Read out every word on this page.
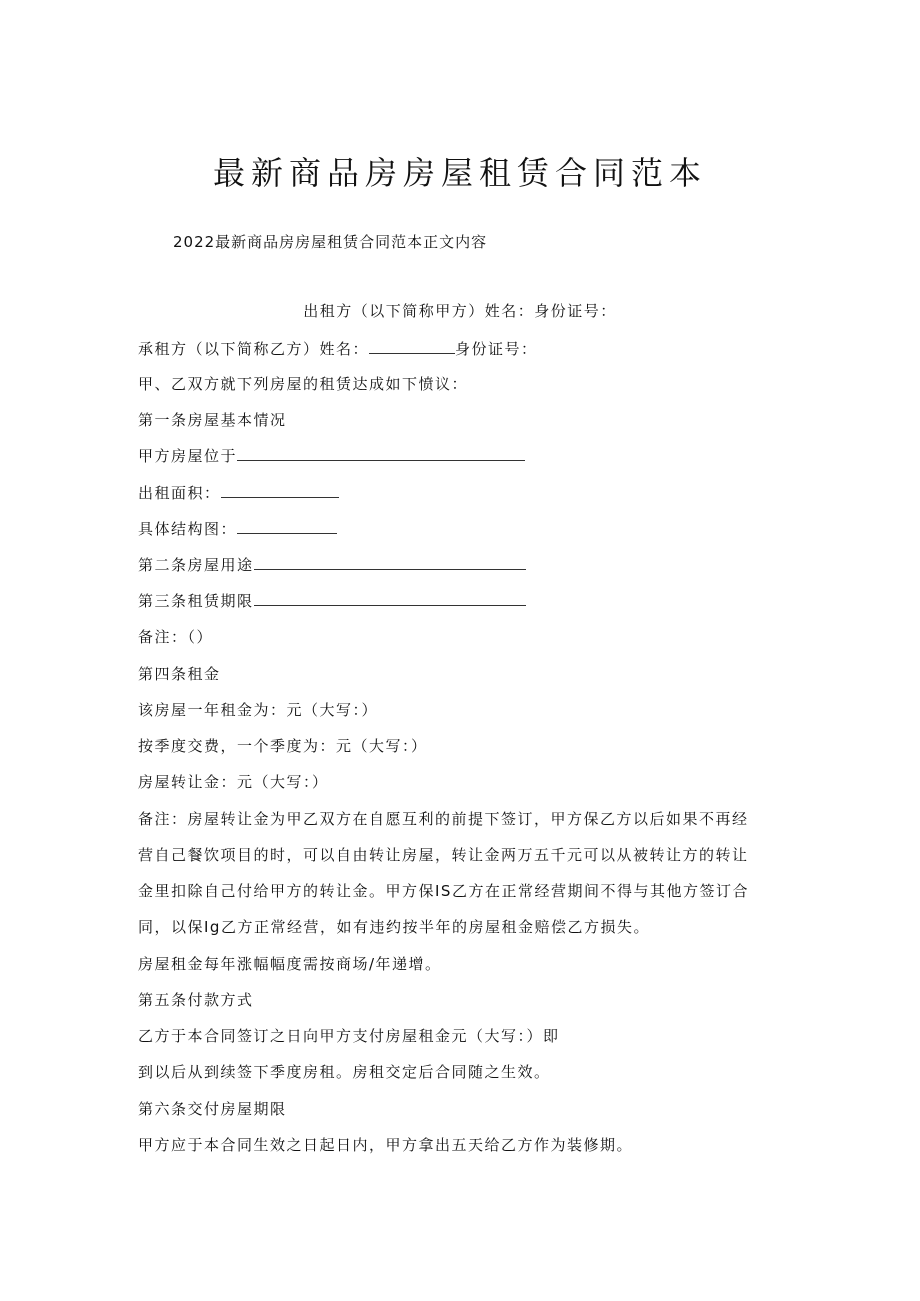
最新商品房房屋租赁合同范本
2022最新商品房房屋租赁合同范本正文内容
出租方（以下简称甲方）姓名：身份证号：
承租方（以下简称乙方）姓名：	身份证号：
甲、乙双方就下列房屋的租赁达成如下愤议：
第一条房屋基本情况
甲方房屋位于
出租面积：
具体结构图：
第二条房屋用途
第三条租赁期限
备注：（）
第四条租金
该房屋一年租金为：元（大写：）
按季度交费，一个季度为：元（大写：）
房屋转让金：元（大写：）
备注：房屋转让金为甲乙双方在自愿互利的前提下签订，甲方保乙方以后如果不再经
营自己餐饮项目的时，可以自由转让房屋，转让金两万五千元可以从被转让方的转让
金里扣除自己付给甲方的转让金。甲方保IS乙方在正常经营期间不得与其他方签订合
同，以保Ig乙方正常经营，如有违约按半年的房屋租金赔偿乙方损失。
房屋租金每年涨幅幅度需按商场/年递增。
第五条付款方式
乙方于本合同签订之日向甲方支付房屋租金元（大写：）即
到以后从到续签下季度房租。房租交定后合同随之生效。
第六条交付房屋期限
甲方应于本合同生效之日起日内，甲方拿出五天给乙方作为装修期。
